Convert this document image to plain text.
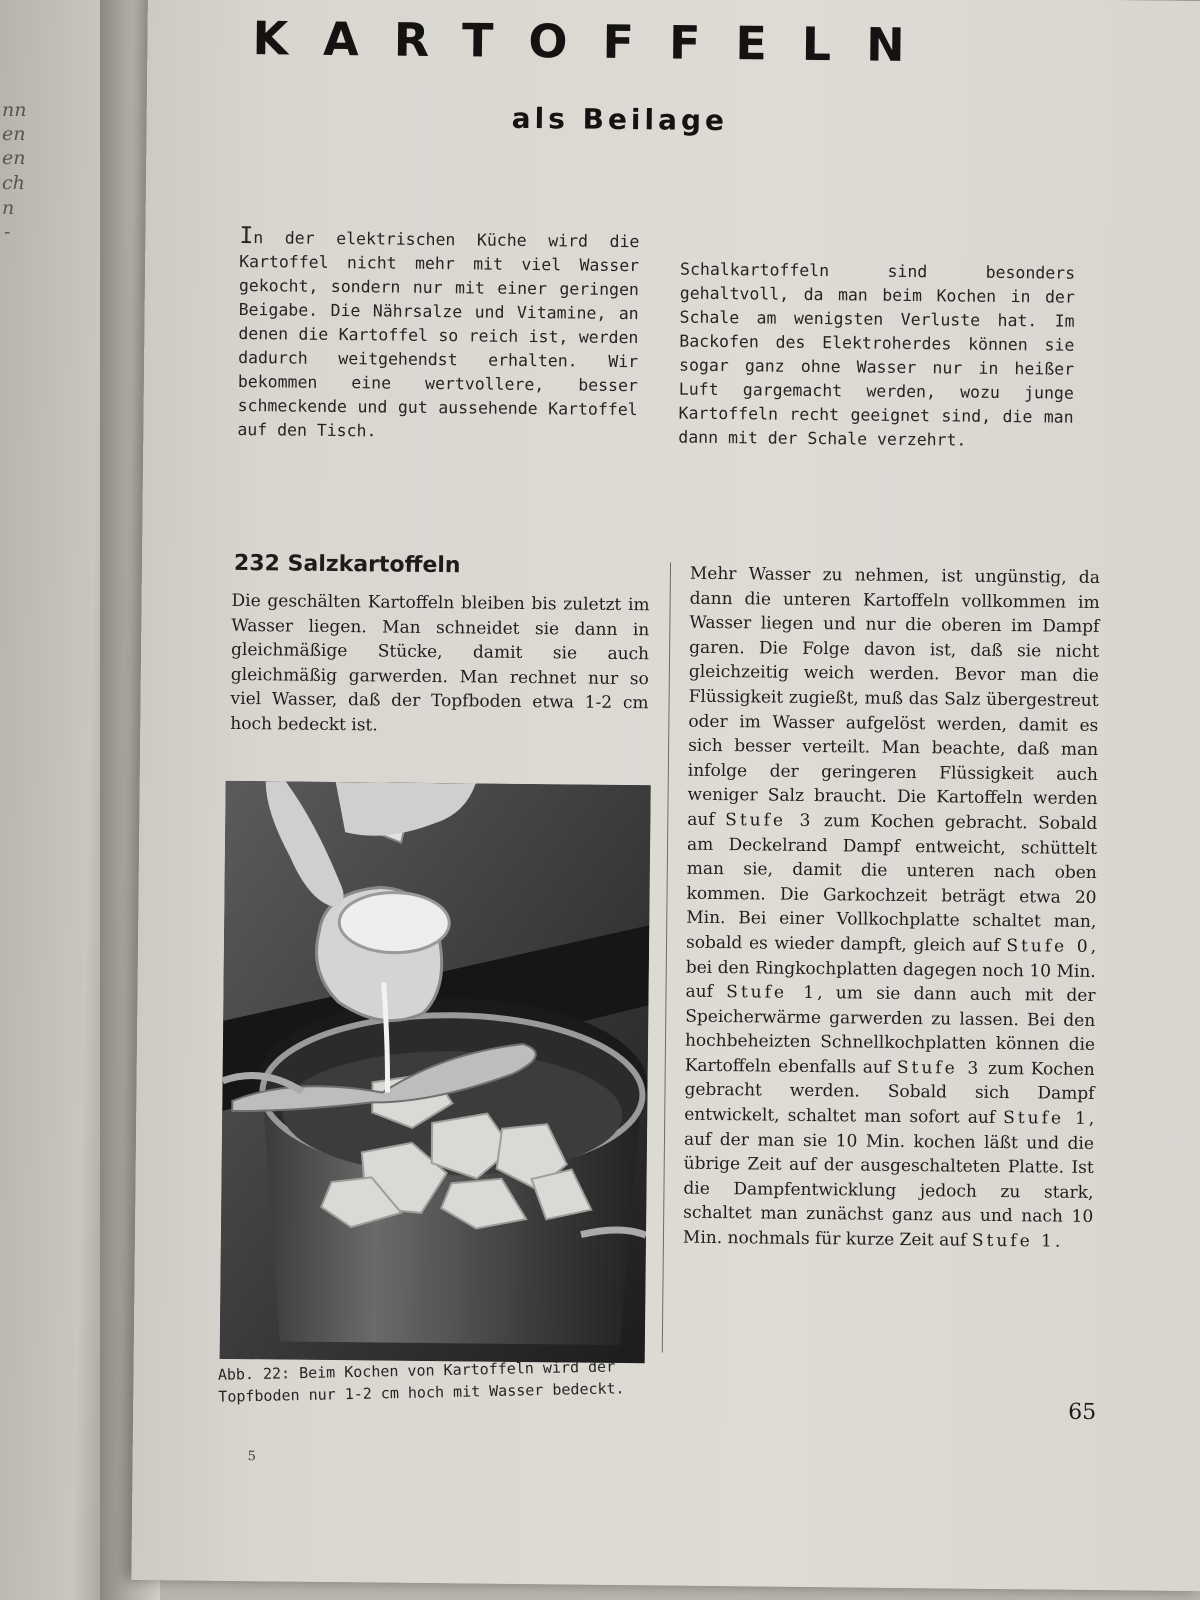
nn
en
en
ch
n
-
KARTOFFELN
als Beilage
In der elektrischen Küche wird die Kartoffel nicht mehr mit viel Wasser gekocht, sondern nur mit einer geringen Beigabe. Die Nährsalze und Vitamine, an denen die Kartoffel so reich ist, werden dadurch weitgehendst erhalten. Wir bekommen eine wertvollere, besser schmeckende und gut aussehende Kartoffel auf den Tisch.
Schalkartoffeln sind besonders gehaltvoll, da man beim Kochen in der Schale am wenigsten Verluste hat. Im Backofen des Elektroherdes können sie sogar ganz ohne Wasser nur in heißer Luft gargemacht werden, wozu junge Kartoffeln recht geeignet sind, die man dann mit der Schale verzehrt.
232 Salzkartoffeln
Die geschälten Kartoffeln bleiben bis zuletzt im Wasser liegen. Man schneidet sie dann in gleichmäßige Stücke, damit sie auch gleichmäßig garwerden. Man rechnet nur so viel Wasser, daß der Topfboden etwa 1-2 cm hoch bedeckt ist.
Mehr Wasser zu nehmen, ist ungünstig, da dann die unteren Kartoffeln vollkommen im Wasser liegen und nur die oberen im Dampf garen. Die Folge davon ist, daß sie nicht gleichzeitig weich werden. Bevor man die Flüssigkeit zugießt, muß das Salz übergestreut oder im Wasser aufgelöst werden, damit es sich besser verteilt. Man beachte, daß man infolge der geringeren Flüssigkeit auch weniger Salz braucht. Die Kartoffeln werden auf Stufe 3 zum Kochen gebracht. Sobald am Deckelrand Dampf entweicht, schüttelt man sie, damit die unteren nach oben kommen. Die Garkochzeit beträgt etwa 20 Min. Bei einer Vollkochplatte schaltet man, sobald es wieder dampft, gleich auf Stufe 0, bei den Ringkochplatten dagegen noch 10 Min. auf Stufe 1, um sie dann auch mit der Speicherwärme garwerden zu lassen. Bei den hochbeheizten Schnellkochplatten können die Kartoffeln ebenfalls auf Stufe 3 zum Kochen gebracht werden. Sobald sich Dampf entwickelt, schaltet man sofort auf Stufe 1, auf der man sie 10 Min. kochen läßt und die übrige Zeit auf der ausgeschalteten Platte. Ist die Dampfentwicklung jedoch zu stark, schaltet man zunächst ganz aus und nach 10 Min. nochmals für kurze Zeit auf Stufe 1.
Abb. 22: Beim Kochen von Kartoffeln wird der
Topfboden nur 1-2 cm hoch mit Wasser bedeckt.
65
5
